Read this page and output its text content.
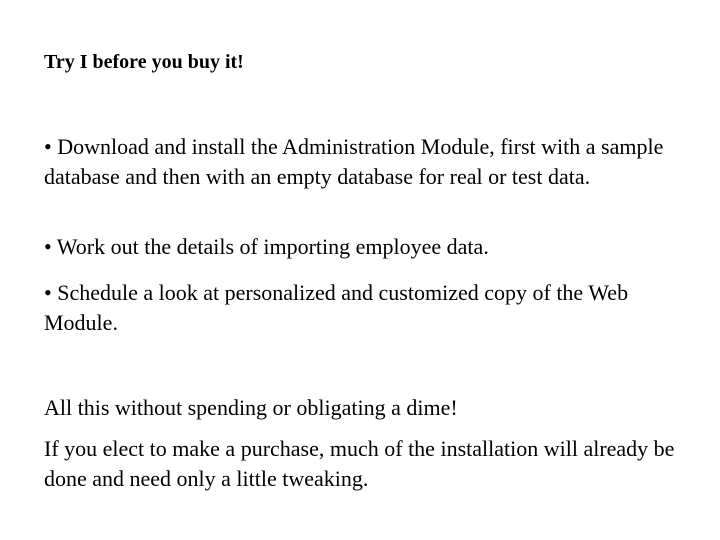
Try I before you buy it!

• Download and install the Administration Module, first with a sample database and then with an empty database for real or test data.

• Work out the details of importing employee data.

• Schedule a look at personalized and customized copy of the Web Module.

All this without spending or obligating a dime!

If you elect to make a purchase, much of the installation will already be done and need only a little tweaking.
